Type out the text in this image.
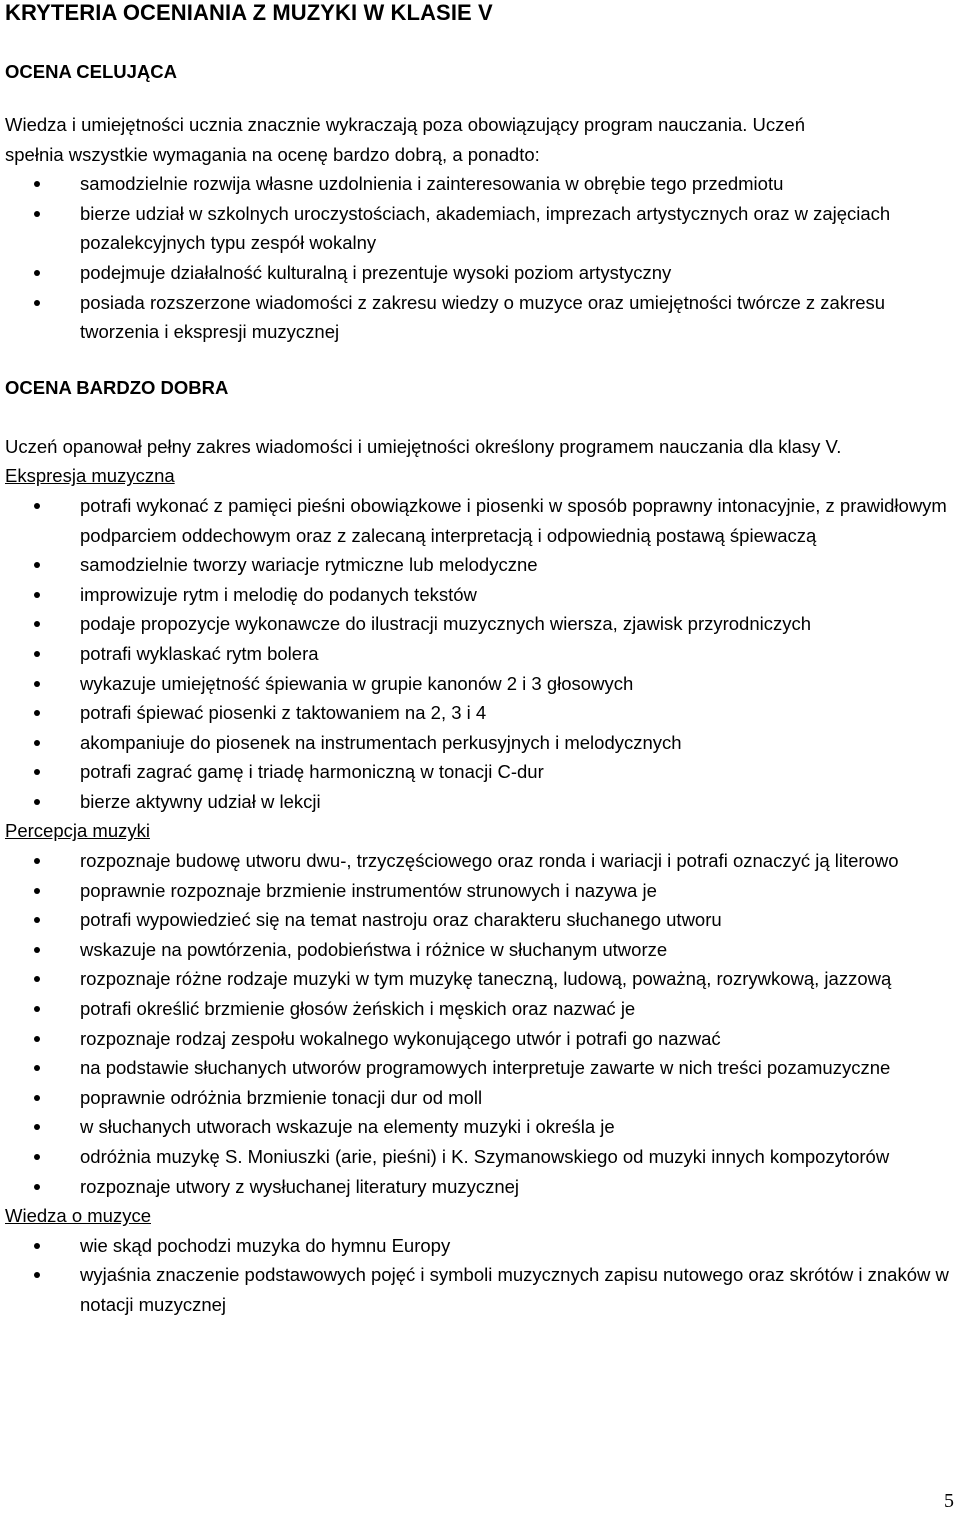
KRYTERIA OCENIANIA Z MUZYKI W KLASIE V
OCENA CELUJĄCA
Wiedza i umiejętności ucznia znacznie wykraczają poza obowiązujący program nauczania. Uczeń
spełnia wszystkie wymagania na ocenę bardzo dobrą, a ponadto:
samodzielnie rozwija własne uzdolnienia i zainteresowania w obrębie tego przedmiotu
bierze udział w szkolnych uroczystościach, akademiach, imprezach artystycznych oraz w zajęciach pozalekcyjnych typu zespół wokalny
podejmuje działalność kulturalną i prezentuje wysoki poziom artystyczny
posiada rozszerzone wiadomości z zakresu wiedzy o muzyce oraz umiejętności twórcze z zakresu tworzenia i ekspresji muzycznej
OCENA BARDZO DOBRA
Uczeń opanował pełny zakres wiadomości i umiejętności określony programem nauczania dla klasy V.
Ekspresja muzyczna
potrafi wykonać z pamięci pieśni obowiązkowe i piosenki w sposób poprawny intonacyjnie, z prawidłowym podparciem oddechowym oraz z zalecaną interpretacją i odpowiednią postawą śpiewaczą
samodzielnie tworzy wariacje rytmiczne lub melodyczne
improwizuje rytm i melodię do podanych tekstów
podaje propozycje wykonawcze do ilustracji muzycznych wiersza, zjawisk przyrodniczych
potrafi wyklaskać rytm bolera
wykazuje umiejętność śpiewania w grupie kanonów 2 i 3 głosowych
potrafi śpiewać piosenki z taktowaniem na 2, 3 i 4
akompaniuje do piosenek na instrumentach perkusyjnych i melodycznych
potrafi zagrać gamę i triadę harmoniczną w tonacji C-dur
bierze aktywny udział w lekcji
Percepcja muzyki
rozpoznaje budowę utworu dwu-, trzyczęściowego oraz ronda i wariacji i potrafi oznaczyć ją literowo
poprawnie rozpoznaje brzmienie instrumentów strunowych i nazywa je
potrafi wypowiedzieć się na temat nastroju oraz charakteru słuchanego utworu
wskazuje na powtórzenia, podobieństwa i różnice w słuchanym utworze
rozpoznaje różne rodzaje muzyki w tym muzykę taneczną, ludową, poważną, rozrywkową, jazzową
potrafi określić brzmienie głosów żeńskich i męskich oraz nazwać je
rozpoznaje rodzaj zespołu wokalnego wykonującego utwór i potrafi go nazwać
na podstawie słuchanych utworów programowych interpretuje zawarte w nich treści pozamuzyczne
poprawnie odróżnia brzmienie tonacji dur od moll
w słuchanych utworach wskazuje na elementy muzyki i określa je
odróżnia muzykę S. Moniuszki (arie, pieśni) i K. Szymanowskiego od muzyki innych kompozytorów
rozpoznaje utwory z wysłuchanej literatury muzycznej
Wiedza o muzyce
wie skąd pochodzi muzyka do hymnu Europy
wyjaśnia znaczenie podstawowych pojęć i symboli muzycznych zapisu nutowego oraz skrótów i znaków w notacji muzycznej
5
